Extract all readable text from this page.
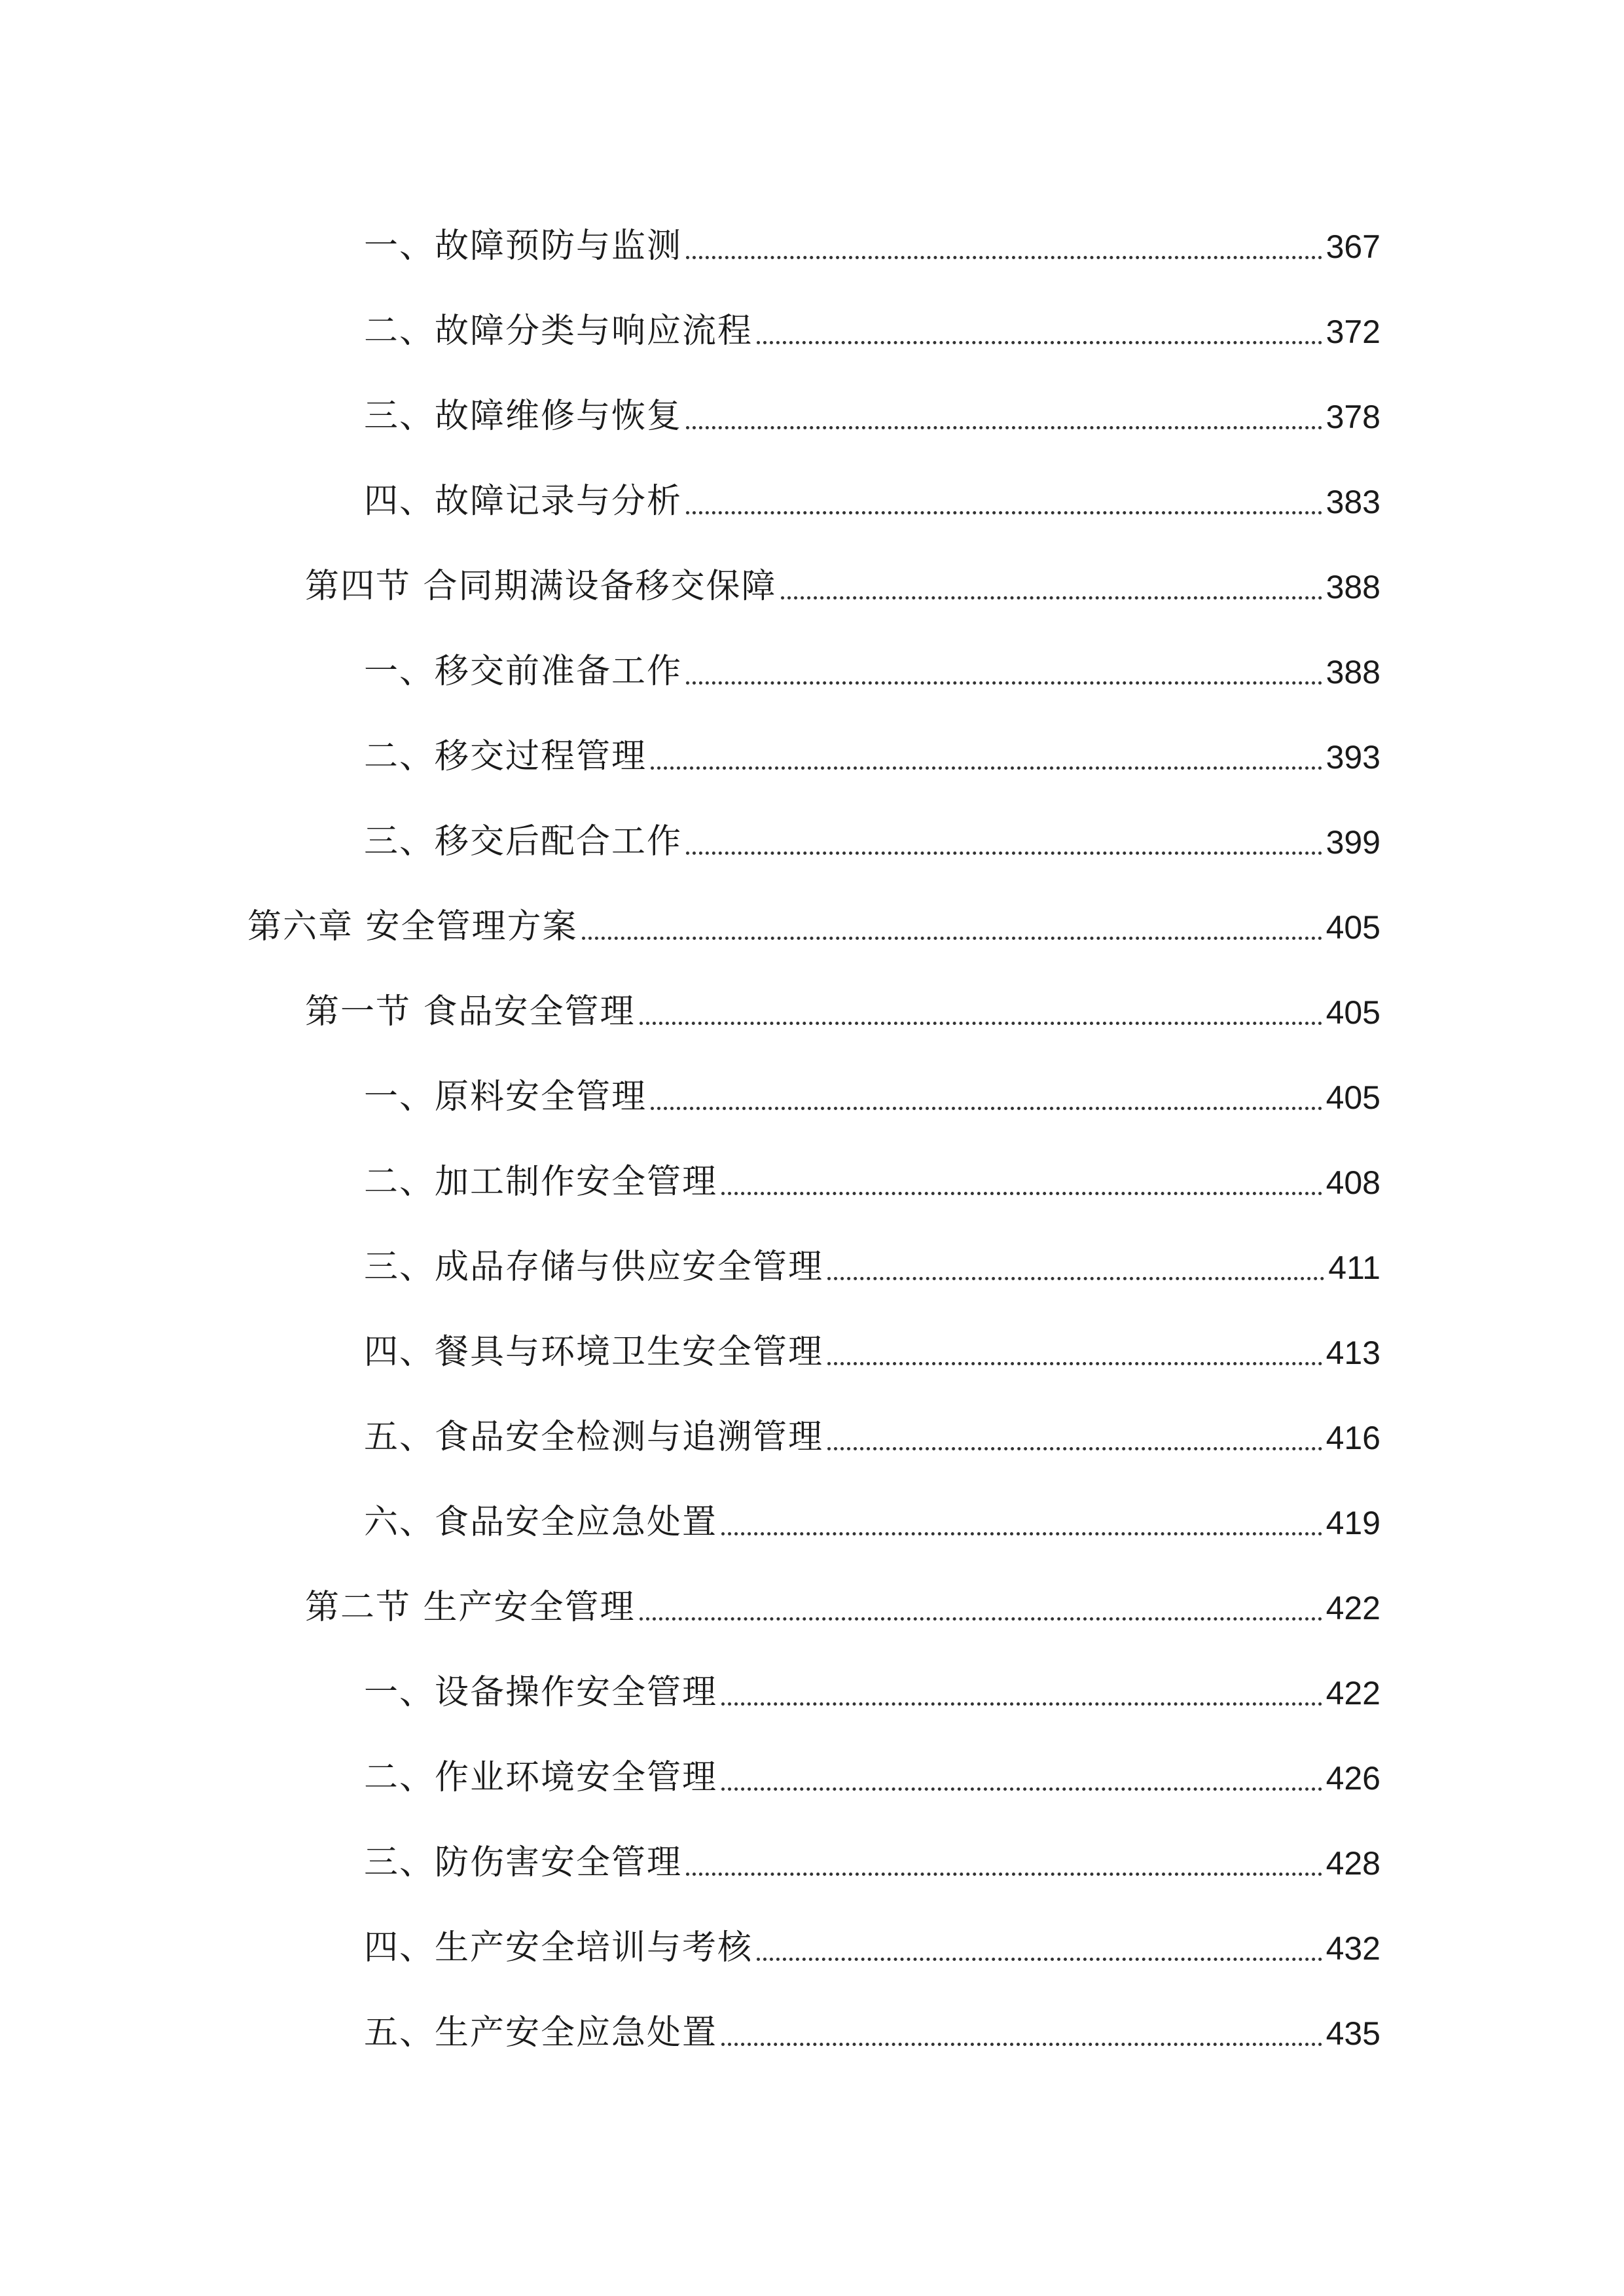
一、故障预防与监测	367
二、故障分类与响应流程	372
三、故障维修与恢复	378
四、故障记录与分析	383
第四节 合同期满设备移交保障	388
一、移交前准备工作	388
二、移交过程管理	393
三、移交后配合工作	399
第六章 安全管理方案	405
第一节 食品安全管理	405
一、原料安全管理	405
二、加工制作安全管理	408
三、成品存储与供应安全管理	411
四、餐具与环境卫生安全管理	413
五、食品安全检测与追溯管理	416
六、食品安全应急处置	419
第二节 生产安全管理	422
一、设备操作安全管理	422
二、作业环境安全管理	426
三、防伤害安全管理	428
四、生产安全培训与考核	432
五、生产安全应急处置	435
